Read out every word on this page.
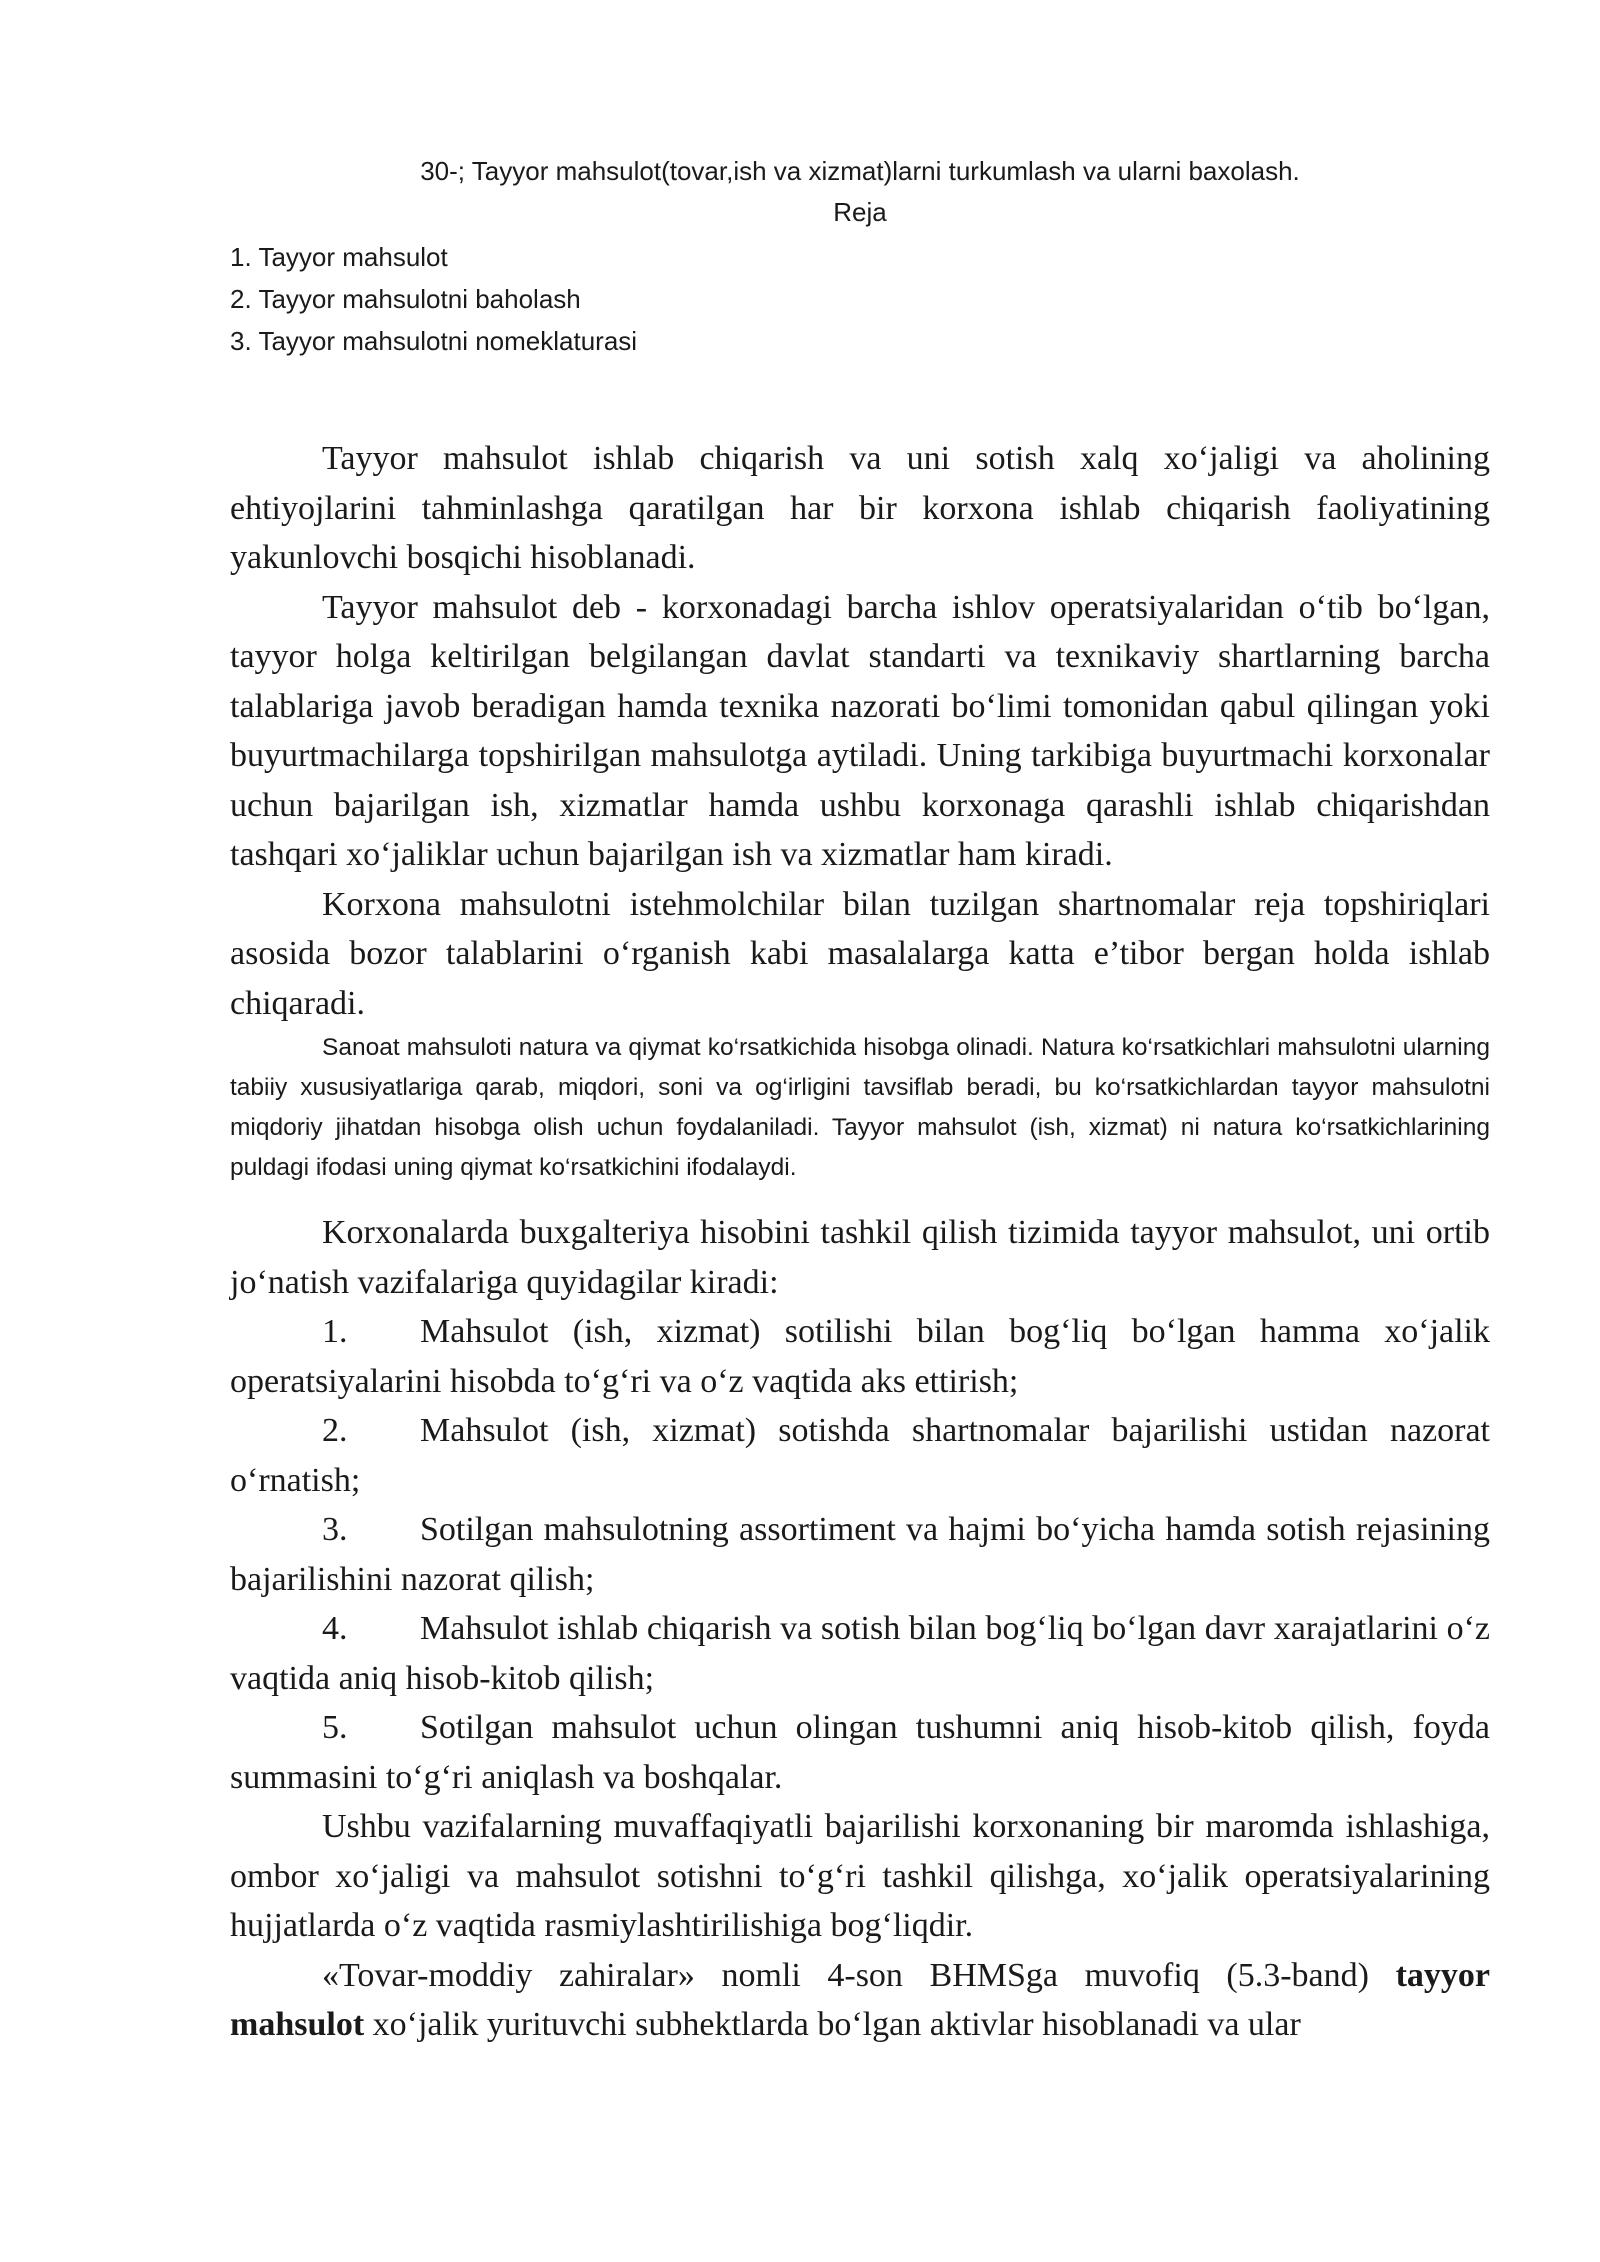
30-; Tayyor mahsulot(tovar,ish va xizmat)larni turkumlash va ularni baxolash.
Reja
1. Tayyor mahsulot
2. Tayyor mahsulotni baholash
3. Tayyor mahsulotni nomeklaturasi

Tayyor mahsulot ishlab chiqarish va uni sotish xalq xo‘jaligi va aholining ehtiyojlarini tahminlashga qaratilgan har bir korxona ishlab chiqarish faoliyatining yakunlovchi bosqichi hisoblanadi.

Tayyor mahsulot deb - korxonadagi barcha ishlov operatsiyalaridan o‘tib bo‘lgan, tayyor holga keltirilgan belgilangan davlat standarti va texnikaviy shartlarning barcha talablariga javob beradigan hamda texnika nazorati bo‘limi tomonidan qabul qilingan yoki buyurtmachilarga topshirilgan mahsulotga aytiladi. Uning tarkibiga buyurtmachi korxonalar uchun bajarilgan ish, xizmatlar hamda ushbu korxonaga qarashli ishlab chiqarishdan tashqari xo‘jaliklar uchun bajarilgan ish va xizmatlar ham kiradi.

Korxona mahsulotni istehmolchilar bilan tuzilgan shartnomalar reja topshiriqlari asosida bozor talablarini o‘rganish kabi masalalarga katta e’tibor bergan holda ishlab chiqaradi.

Sanoat mahsuloti natura va qiymat ko‘rsatkichida hisobga olinadi. Natura ko‘rsatkichlari mahsulotni ularning tabiiy xususiyatlariga qarab, miqdori, soni va og‘irligini tavsiflab beradi, bu ko‘rsatkichlardan tayyor mahsulotni miqdoriy jihatdan hisobga olish uchun foydalaniladi. Tayyor mahsulot (ish, xizmat) ni natura ko‘rsatkichlarining puldagi ifodasi uning qiymat ko‘rsatkichini ifodalaydi.

Korxonalarda buxgalteriya hisobini tashkil qilish tizimida tayyor mahsulot, uni ortib jo‘natish vazifalariga quyidagilar kiradi:

1. Mahsulot (ish, xizmat) sotilishi bilan bog‘liq bo‘lgan hamma xo‘jalik operatsiyalarini hisobda to‘g‘ri va o‘z vaqtida aks ettirish;

2. Mahsulot (ish, xizmat) sotishda shartnomalar bajarilishi ustidan nazorat o‘rnatish;

3. Sotilgan mahsulotning assortiment va hajmi bo‘yicha hamda sotish rejasining bajarilishini nazorat qilish;

4. Mahsulot ishlab chiqarish va sotish bilan bog‘liq bo‘lgan davr xarajatlarini o‘z vaqtida aniq hisob-kitob qilish;

5. Sotilgan mahsulot uchun olingan tushumni aniq hisob-kitob qilish, foyda summasini to‘g‘ri aniqlash va boshqalar.

Ushbu vazifalarning muvaffaqiyatli bajarilishi korxonaning bir maromda ishlashiga, ombor xo‘jaligi va mahsulot sotishni to‘g‘ri tashkil qilishga, xo‘jalik operatsiyalarining hujjatlarda o‘z vaqtida rasmiylashtirilishiga bog‘liqdir.

«Tovar-moddiy zahiralar» nomli 4-son BHMSga muvofiq (5.3-band) tayyor mahsulot xo‘jalik yurituvchi subhektlarda bo‘lgan aktivlar hisoblanadi va ular
